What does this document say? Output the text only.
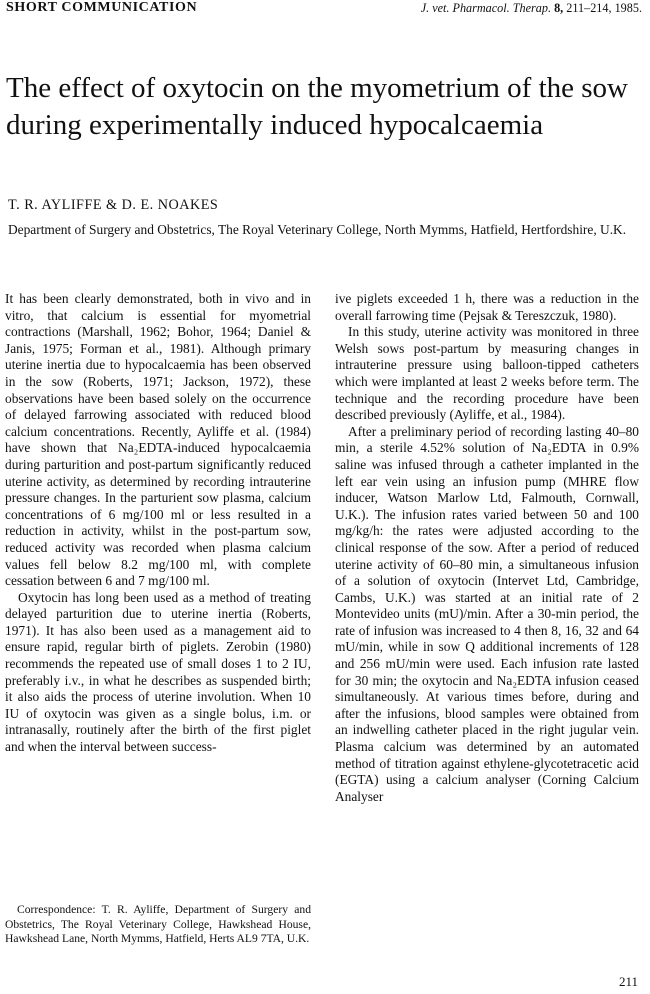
SHORT COMMUNICATION	J. vet. Pharmacol. Therap. 8, 211–214, 1985.
The effect of oxytocin on the myometrium of the sow during experimentally induced hypocalcaemia
T. R. AYLIFFE & D. E. NOAKES
Department of Surgery and Obstetrics, The Royal Veterinary College, North Mymms, Hatfield, Hertfordshire, U.K.

It has been clearly demonstrated, both in vivo and in vitro, that calcium is essential for myometrial contractions (Marshall, 1962; Bohor, 1964; Daniel & Janis, 1975; Forman et al., 1981). Although primary uterine inertia due to hypocalcaemia has been observed in the sow (Roberts, 1971; Jackson, 1972), these observations have been based solely on the occurrence of delayed farrowing associated with reduced blood calcium concentrations. Recently, Ayliffe et al. (1984) have shown that Na₂EDTA-induced hypocalcaemia during parturition and post-partum significantly reduced uterine activity, as determined by recording intrauterine pressure changes. In the parturient sow plasma, calcium concentrations of 6 mg/100 ml or less resulted in a reduction in activity, whilst in the post-partum sow, reduced activity was recorded when plasma calcium values fell below 8.2 mg/100 ml, with complete cessation between 6 and 7 mg/100 ml.

Oxytocin has long been used as a method of treating delayed parturition due to uterine inertia (Roberts, 1971). It has also been used as a management aid to ensure rapid, regular birth of piglets. Zerobin (1980) recommends the repeated use of small doses 1 to 2 IU, preferably i.v., in what he describes as suspended birth; it also aids the process of uterine involution. When 10 IU of oxytocin was given as a single bolus, i.m. or intranasally, routinely after the birth of the first piglet and when the interval between success-

Correspondence: T. R. Ayliffe, Department of Surgery and Obstetrics, The Royal Veterinary College, Hawkshead House, Hawkshead Lane, North Mymms, Hatfield, Herts AL9 7TA, U.K.

ive piglets exceeded 1 h, there was a reduction in the overall farrowing time (Pejsak & Tereszczuk, 1980).

In this study, uterine activity was monitored in three Welsh sows post-partum by measuring changes in intrauterine pressure using balloon-tipped catheters which were implanted at least 2 weeks before term. The technique and the recording procedure have been described previously (Ayliffe, et al., 1984).

After a preliminary period of recording lasting 40–80 min, a sterile 4.52% solution of Na₂EDTA in 0.9% saline was infused through a catheter implanted in the left ear vein using an infusion pump (MHRE flow inducer, Watson Marlow Ltd, Falmouth, Cornwall, U.K.). The infusion rates varied between 50 and 100 mg/kg/h: the rates were adjusted according to the clinical response of the sow. After a period of reduced uterine activity of 60–80 min, a simultaneous infusion of a solution of oxytocin (Intervet Ltd, Cambridge, Cambs, U.K.) was started at an initial rate of 2 Montevideo units (mU)/min. After a 30-min period, the rate of infusion was increased to 4 then 8, 16, 32 and 64 mU/min, while in sow Q additional increments of 128 and 256 mU/min were used. Each infusion rate lasted for 30 min; the oxytocin and Na₂EDTA infusion ceased simultaneously. At various times before, during and after the infusions, blood samples were obtained from an indwelling catheter placed in the right jugular vein. Plasma calcium was determined by an automated method of titration against ethylene-glycotetracetic acid (EGTA) using a calcium analyser (Corning Calcium Analyser

211
